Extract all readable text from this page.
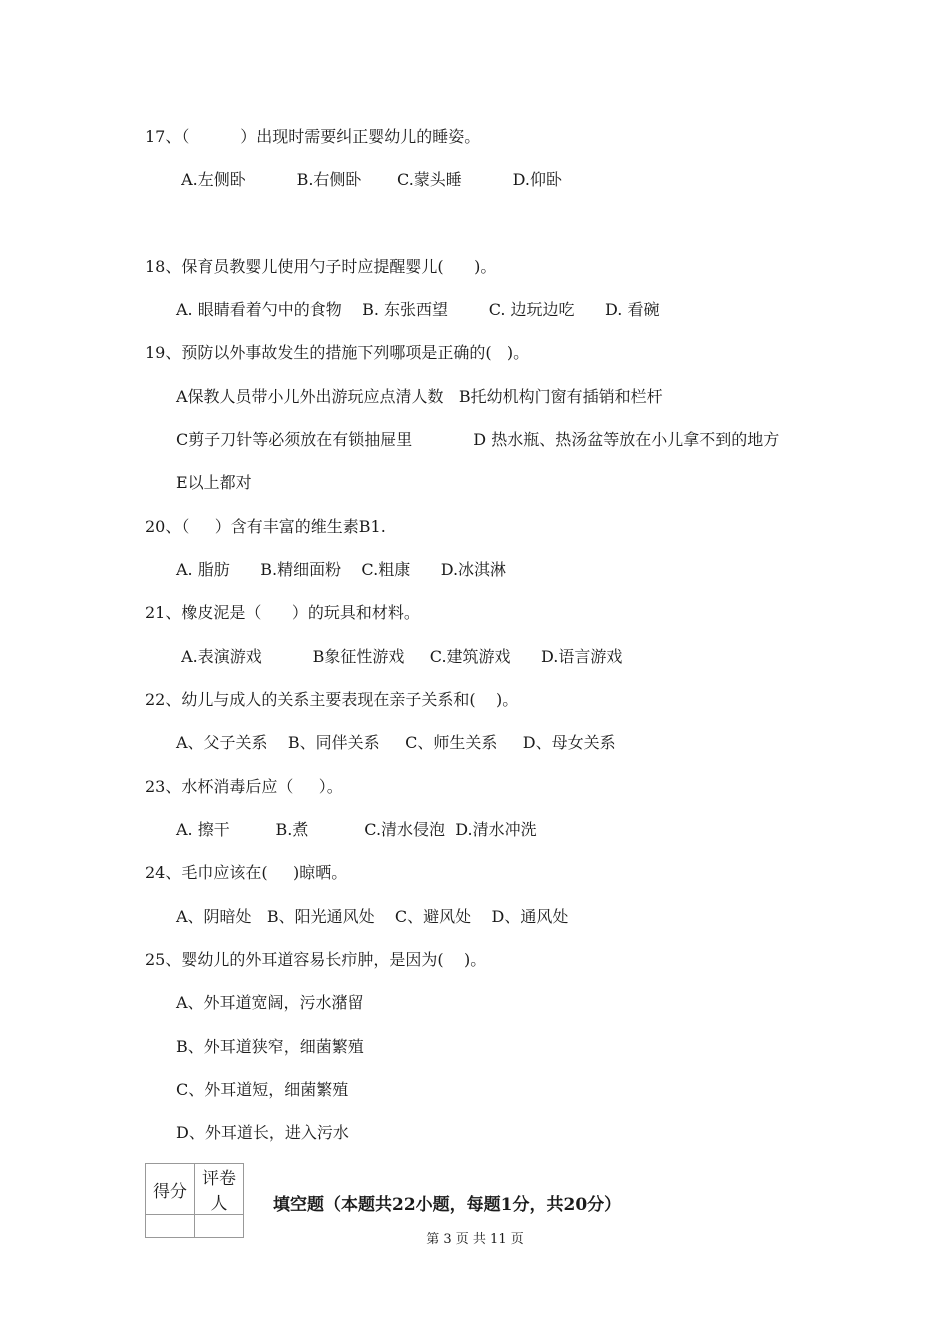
17、（          ）出现时需要纠正婴幼儿的睡姿。
A.左侧卧          B.右侧卧       C.蒙头睡          D.仰卧
18、保育员教婴儿使用勺子时应提醒婴儿(      )。
A. 眼睛看着勺中的食物    B. 东张西望        C. 边玩边吃      D. 看碗
19、预防以外事故发生的措施下列哪项是正确的(   )。
A保教人员带小儿外出游玩应点清人数   B托幼机构门窗有插销和栏杆
C剪子刀针等必须放在有锁抽屉里            D 热水瓶、热汤盆等放在小儿拿不到的地方
E以上都对
20、（     ）含有丰富的维生素B1.
A. 脂肪      B.精细面粉    C.粗康      D.冰淇淋
21、橡皮泥是（      ）的玩具和材料。
A.表演游戏          B象征性游戏     C.建筑游戏      D.语言游戏
22、幼儿与成人的关系主要表现在亲子关系和(    )。
A、父子关系    B、同伴关系     C、师生关系     D、母女关系
23、水杯消毒后应（     ）。
A. 擦干         B.煮           C.清水侵泡  D.清水冲洗
24、毛巾应该在(     )晾晒。
A、阴暗处   B、阳光通风处    C、避风处    D、通风处
25、婴幼儿的外耳道容易长疖肿，是因为(    )。
A、外耳道宽阔，污水潴留
B、外耳道狭窄，细菌繁殖
C、外耳道短，细菌繁殖
D、外耳道长，进入污水
得分	评卷人
		填空题（本题共22小题，每题1分，共20分）
第 3 页 共 11 页
